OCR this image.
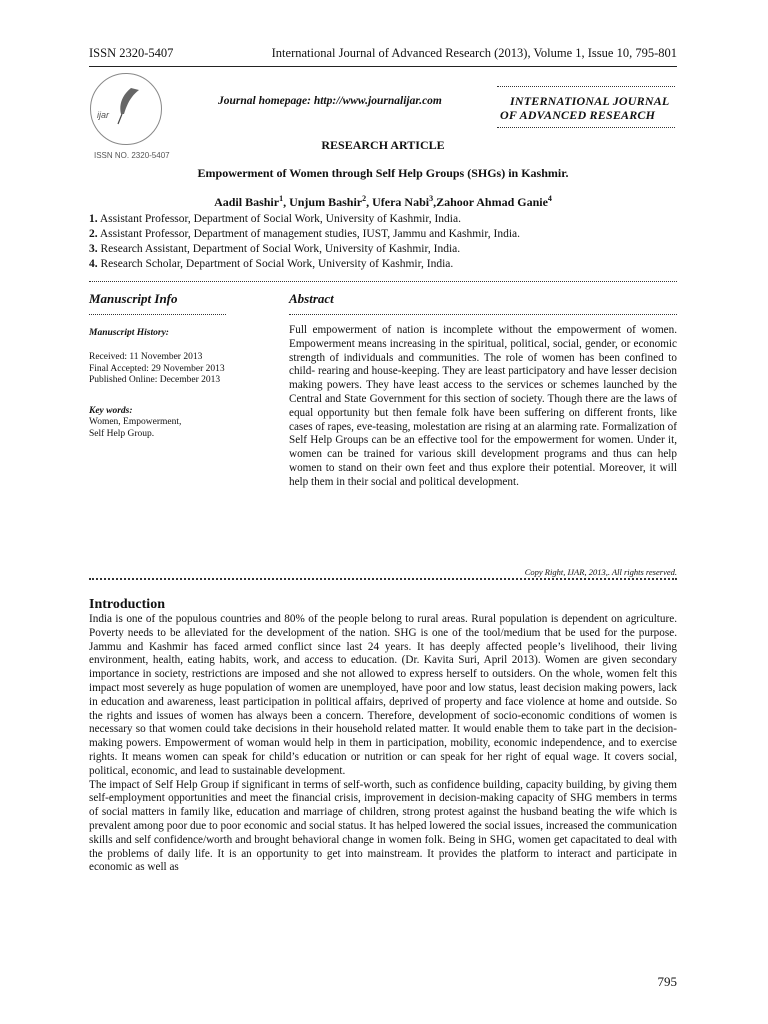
ISSN 2320-5407	International Journal of Advanced Research (2013), Volume 1, Issue 10, 795-801
ijar
ISSN NO. 2320-5407
Journal homepage: http://www.journalijar.com	INTERNATIONAL JOURNAL
OF ADVANCED RESEARCH
RESEARCH ARTICLE
Empowerment of Women through Self Help Groups (SHGs) in Kashmir.
Aadil Bashir$^1$, Unjum Bashir$^2$, Ufera Nabi$^3$,Zahoor Ahmad Ganie$^4$
1. Assistant Professor, Department of Social Work, University of Kashmir, India.
2. Assistant Professor, Department of management studies, IUST, Jammu and Kashmir, India.
3. Research Assistant, Department of Social Work, University of Kashmir, India.
4. Research Scholar, Department of Social Work, University of Kashmir, India.
Manuscript Info
Manuscript History:
Received: 11 November 2013
Final Accepted: 29 November 2013
Published Online: December 2013
Key words:
Women, Empowerment,
Self Help Group.
Abstract
Full empowerment of nation is incomplete without the empowerment of women. Empowerment means increasing in the spiritual, political, social, gender, or economic strength of individuals and communities. The role of women has been confined to child- rearing and house-keeping. They are least participatory and have lesser decision making powers. They have least access to the services or schemes launched by the Central and State Government for this section of society. Though there are the laws of equal opportunity but then female folk have been suffering on different fronts, like cases of rapes, eve-teasing, molestation are rising at an alarming rate. Formalization of Self Help Groups can be an effective tool for the empowerment for women. Under it, women can be trained for various skill development programs and thus can help women to stand on their own feet and thus explore their potential. Moreover, it will help them in their social and political development.
Copy Right, IJAR, 2013,. All rights reserved.
Introduction

India is one of the populous countries and 80% of the people belong to rural areas. Rural population is dependent on agriculture. Poverty needs to be alleviated for the development of the nation. SHG is one of the tool/medium that be used for the purpose. Jammu and Kashmir has faced armed conflict since last 24 years. It has deeply affected people’s livelihood, their living environment, health, eating habits, work, and access to education. (Dr. Kavita Suri, April 2013). Women are given secondary importance in society, restrictions are imposed and she not allowed to express herself to outsiders. On the whole, women felt this impact most severely as huge population of women are unemployed, have poor and low status, least decision making powers, lack in education and awareness, least participation in political affairs, deprived of property and face violence at home and outside. So the rights and issues of women has always been a concern. Therefore, development of socio-economic conditions of women is necessary so that women could take decisions in their household related matter. It would enable them to take part in the decision-making powers. Empowerment of woman would help in them in participation, mobility, economic independence, and to exercise rights. It means women can speak for child’s education or nutrition or can speak for her right of equal wage. It covers social, political, economic, and lead to sustainable development.

The impact of Self Help Group if significant in terms of self-worth, such as confidence building, capacity building, by giving them self-employment opportunities and meet the financial crisis, improvement in decision-making capacity of SHG members in terms of social matters in family like, education and marriage of children, strong protest against the husband beating the wife which is prevalent among poor due to poor economic and social status. It has helped lowered the social issues, increased the communication skills and self confidence/worth and brought behavioral change in women folk. Being in SHG, women get capacitated to deal with the problems of daily life. It is an opportunity to get into mainstream. It provides the platform to interact and participate in economic as well as

795
